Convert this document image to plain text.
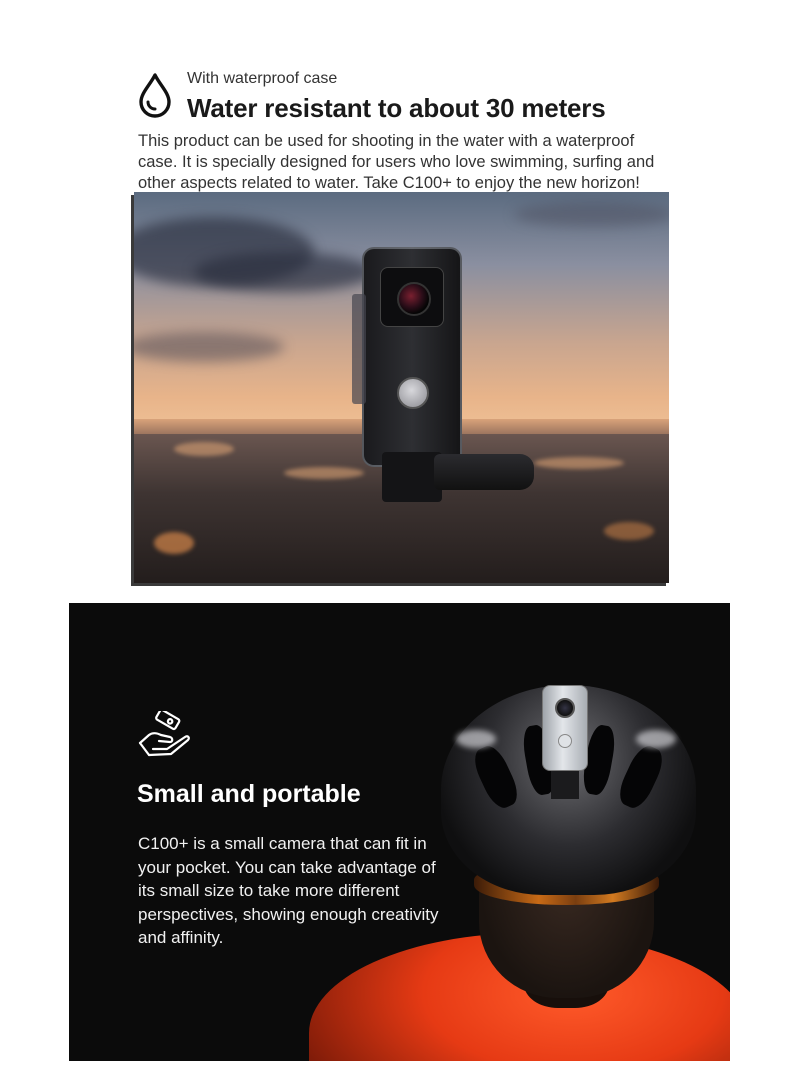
With waterproof case
Water resistant to about 30 meters

This product can be used for shooting in the water with a waterproof case. It is specially designed for users who love swimming, surfing and other aspects related to water. Take C100+ to enjoy the new horizon!

Small and portable

C100+ is a small camera that can fit in your pocket. You can take advantage of its small size to take more different perspectives, showing enough creativity and affinity.
